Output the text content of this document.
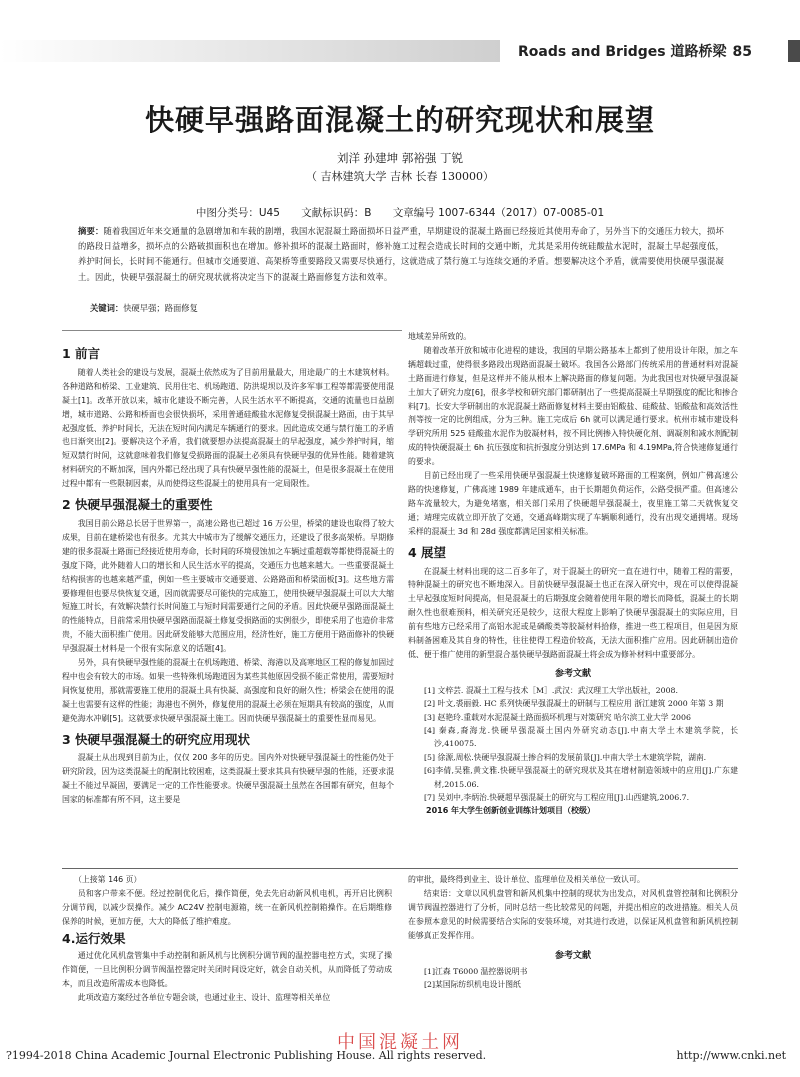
Roads and Bridges 道路桥梁 85
快硬早强路面混凝土的研究现状和展望
刘洋 孙建坤 郭裕强 丁锐
（ 吉林建筑大学 吉林 长春 130000）
中图分类号：U45 文献标识码：B 文章编号 1007-6344（2017）07-0085-01
摘要：随着我国近年来交通量的急剧增加和车载的剧增，我国水泥混凝土路面损坏日益严重，早期建设的混凝土路面已经接近其使用寿命了，另外当下的交通压力较大，损坏的路段日益增多，损坏点的公路破损面积也在增加。修补损坏的混凝土路面时，修补施工过程会造成长时间的交通中断，尤其是采用传统硅酸盐水泥时，混凝土早起强度低，养护时间长，长时间不能通行。但城市交通要道、高架桥等重要路段又需要尽快通行，这就造成了禁行施工与连续交通的矛盾。想要解决这个矛盾，就需要使用快硬早强混凝土。因此，快硬早强混凝土的研究现状就将决定当下的混凝土路面修复方法和效率。
关键词：快硬早强；路面修复
1 前言

随着人类社会的建设与发展，混凝土依然成为了目前用量最大，用途最广的土木建筑材料。各种道路和桥梁、工业建筑、民用住宅、机场跑道、防洪堤坝以及许多军事工程等都需要使用混凝土[1]。改革开放以来，城市化建设不断完善，人民生活水平不断提高，交通的流量也日益剧增，城市道路、公路和桥面也会很快损坏，采用普通硅酸盐水泥修复受损混凝土路面，由于其早起强度低、养护时间长，无法在短时间内满足车辆通行的要求。因此造成交通与禁行施工的矛盾也日渐突出[2]。要解决这个矛盾，我们就要想办法提高混凝土的早起强度，减少养护时间，缩短双禁行时间，这就意味着我们修复受损路面的混凝土必须具有快硬早强的优异性能。随着建筑材料研究的不断加深，国内外都已经出现了具有快硬早强性能的混凝土，但是很多混凝土在使用过程中都有一些限制因素，从而使得这些混凝土的使用具有一定局限性。

2 快硬早强混凝土的重要性

我国目前公路总长居于世界第一，高速公路也已超过 16 万公里，桥梁的建设也取得了较大成果，目前在建桥梁也有很多。尤其大中城市为了缓解交通压力，还建设了很多高架桥。早期修建的很多混凝土路面已经接近使用寿命，长时间的环境侵蚀加之车辆过重超载等都使得混凝土的强度下降，此外随着人口的增长和人民生活水平的提高，交通压力也越来越大。一些重要混凝土结构损害的也越来越严重，例如一些主要城市交通要道、公路路面和桥梁面板[3]。这些地方需要修理但也要尽快恢复交通，因而就需要尽可能快的完成施工，使用快硬早强混凝土可以大大缩短施工时长，有效解决禁行长时间施工与短时间需要通行之间的矛盾。因此快硬早强路面混凝土的性能特点，目前常采用快硬早强路面混凝土修复受损路面的实例很少，即使采用了也造价非常贵，不能大面积推广使用。因此研发能够大范围应用，经济性好，施工方便用于路面修补的快硬早强混凝土材料是一个很有实际意义的话题[4]。

另外，具有快硬早强性能的混凝土在机场跑道、桥梁、海港以及高寒地区工程的修复加固过程中也会有较大的市场。如果一些特殊机场跑道因为某些其他原因受损不能正常使用，需要短时间恢复使用，那就需要施工使用的混凝土具有快凝、高强度和良好的耐久性；桥梁会在使用的混凝土也需要有这样的性能；海港也不例外，修复使用的混凝土必须在短期具有较高的强度，从而避免海水冲刷[5]。这就要求快硬早强混凝土施工。因而快硬早强混凝土的重要性显而易见。

3 快硬早强混凝土的研究应用现状

混凝土从出现到目前为止，仅仅 200 多年的历史。国内外对快硬早强混凝土的性能仍处于研究阶段，因为这类混凝土的配制比较困难，这类混凝土要求其具有快硬早强的性能，还要求混凝土不能过早凝固，要满足一定的工作性能要求。快硬早强混凝土虽然在各国都有研究，但每个国家的标准都有所不同，这主要是

地域差异所致的。

随着改革开放和城市化进程的建设，我国的早期公路基本上都到了使用设计年限，加之车辆超载过重，使得很多路段出现路面混凝土破坏。我国各公路部门传统采用的普通材料对混凝土路面进行修复，但是这样并不能从根本上解决路面的修复问题。为此我国也对快硬早强混凝土加大了研究力度[6]，很多学校和研究部门都研制出了一些提高混凝土早期强度的配比和掺合料[7]。长安大学研制出的水泥混凝土路面修复材料主要由铝酸盐、硅酸盐、铝酸盐和高效活性剂等按一定的比例组成，分为三种。施工完成后 6h 就可以满足通行要求。杭州市城市建设科学研究所用 525 硅酸盐水泥作为胶凝材料，按不同比例掺入特快硬化剂、调凝剂和减水剂配制成的特快硬混凝土 6h 抗压强度和抗折强度分别达到 17.6MPa 和 4.19MPa,符合快速修复通行的要求。

目前已经出现了一些采用快硬早强混凝土快速修复破坏路面的工程案例，例如广佛高速公路的快速修复，广佛高速 1989 年建成通车，由于长期超负荷运作，公路受损严重。但高速公路车流量较大，为避免堵塞，相关部门采用了快硬超早强混凝土，夜里施工第二天就恢复交通；靖理完成就立即开放了交通，交通高峰期实现了车辆顺利通行，没有出现交通拥堵。现场采样的混凝土 3d 和 28d 强度都满足国家相关标准。

4 展望

在混凝土材料出现的这二百多年了，对于混凝土的研究一直在进行中，随着工程的需要，特种混凝土的研究也不断地深入。目前快硬早强混凝土也正在深入研究中，现在可以使得混凝土早起强度短时间提高，但是混凝土的后期强度会随着使用年限的增长而降低，混凝土的长期耐久性也很难预料，相关研究还是较少，这很大程度上影响了快硬早强混凝土的实际应用，目前有些地方已经采用了高铝水泥或是磷酸类等胶凝材料拾修，推进一些工程项目，但是因为原料制备困难及其自身的特性，往往使得工程造价较高，无法大面积推广应用。因此研制出造价低、便于推广使用的新型混合基快硬早强路面混凝土将会成为修补材料中重要部分。

参考文献
[1] 文梓芸. 混凝土工程与技术［M］.武汉：武汉理工大学出版社，2008.
[2] 叶文,裘丽毅. HC 系列快硬早强混凝土的研制与工程应用 浙江建筑 2000 年第 3 期
[3] 赵艳玲.重载对水泥混凝土路面损坏机理与对策研究 哈尔滨工业大学 2006
[4] 秦森,裔海龙.快硬早强混凝土国内外研究动态[J].中南大学土木建筑学院，长沙,410075.
[5] 徐源,周松.快硬早强混凝土掺合料的发展前景[J].中南大学土木建筑学院，湖南.
[6]李倩,吴雅,黄文雅.快硬早强混凝土的研究现状及其在增材制造领域中的应用[J].广东建材,2015.06.
[7] 吴刘中,李炳治.快硬超早强混凝土的研究与工程应用[J].山西建筑,2006.7.
2016 年大学生创新创业训练计划项目（校级）

（上接第 146 页）

员和客户带来不便。经过控制优化后，操作简便，免去先启动新风机电机，再开启比例积分调节阀，以减少误操作。减少 AC24V 控制电源箱，统一在新风机控制箱操作。在后期维修保养的时候，更加方便，大大的降低了维护难度。

4.运行效果

通过优化风机盘管集中手动控制和新风机与比例积分调节阀的温控器电控方式，实现了操作简便，一旦比例积分调节阀温控器定时关闭时间设定好，就会自动关机，从而降低了劳动成本，而且改造所需成本也降低。

此项改造方案经过各单位专题会谈，也通过业主、设计、监理等相关单位

的审批，最终得到业主、设计单位、监理单位及相关单位一致认可。

结束语：文章以风机盘管和新风机集中控制的现状为出发点，对风机盘管控制和比例积分调节阀温控器进行了分析，同时总结一些比较常见的问题，并提出相应的改进措施。相关人员在参照本意见的时候需要结合实际的安装环境，对其进行改进，以保证风机盘管和新风机控制能够真正发挥作用。

参考文献
[1]江森 T6000 温控器说明书
[2]某国际纺织机电设计图纸
中国混凝土网
?1994-2018 China Academic Journal Electronic Publishing House. All rights reserved.	http://www.cnki.net
